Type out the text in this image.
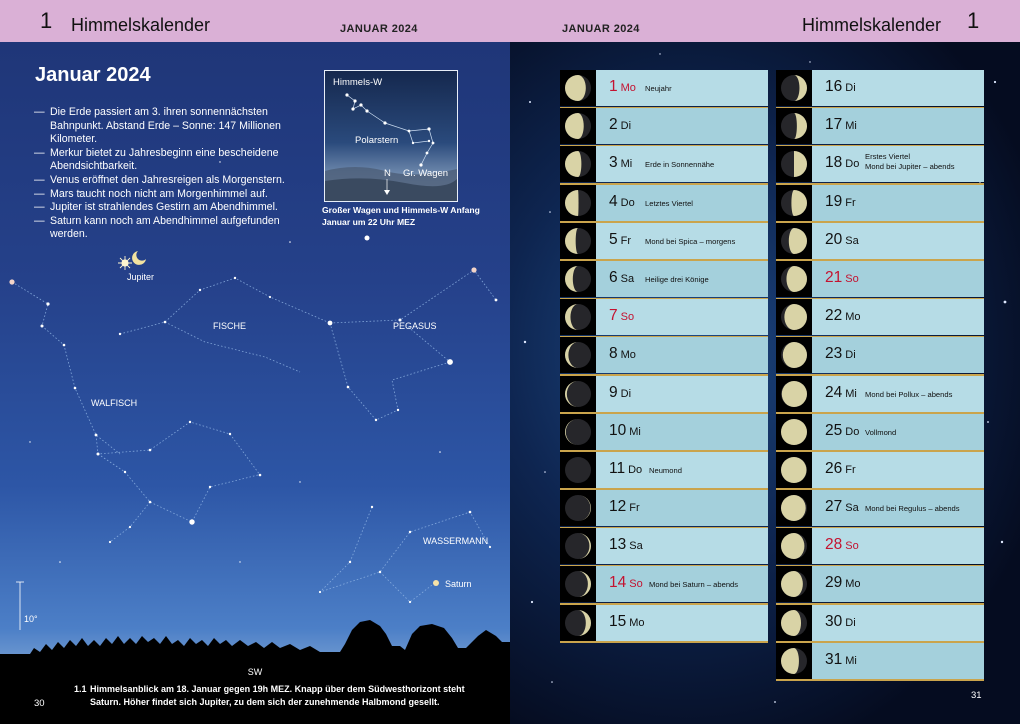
1 Himmelskalender	JANUAR 2024	JANUAR 2024	Himmelskalender 1
Januar 2024
— Die Erde passiert am 3. ihren sonnennächsten Bahnpunkt. Abstand Erde – Sonne: 147 Millionen Kilometer.
— Merkur bietet zu Jahresbeginn eine bescheidene Abendsichtbarkeit.
— Venus eröffnet den Jahresreigen als Morgenstern.
— Mars taucht noch nicht am Morgenhimmel auf.
— Jupiter ist strahlendes Gestirn am Abendhimmel.
— Saturn kann noch am Abendhimmel aufgefunden werden.
Himmels-W
Polarstern
N Gr. Wagen
Großer Wagen und Himmels-W Anfang Januar um 22 Uhr MEZ
Jupiter
FISCHE	PEGASUS
WALFISCH
WASSERMANN
Saturn
10°
SW
30
1.1 Himmelsanblick am 18. Januar gegen 19h MEZ. Knapp über dem Südwesthorizont steht Saturn. Höher findet sich Jupiter, zu dem sich der zunehmende Halbmond gesellt.
1 Mo Neujahr
2 Di
3 Mi Erde in Sonnennähe
4 Do Letztes Viertel
5 Fr Mond bei Spica – morgens
6 Sa Heilige drei Könige
7 So
8 Mo
9 Di
10 Mi
11 Do Neumond
12 Fr
13 Sa
14 So Mond bei Saturn – abends
15 Mo
16 Di
17 Mi
18 Do
Erstes Viertel
Mond bei Jupiter – abends
19 Fr
20 Sa
21 So
22 Mo
23 Di
24 Mi Mond bei Pollux – abends
25 Do Vollmond
26 Fr
27 Sa Mond bei Regulus – abends
28 So
29 Mo
30 Di
31 Mi
31
